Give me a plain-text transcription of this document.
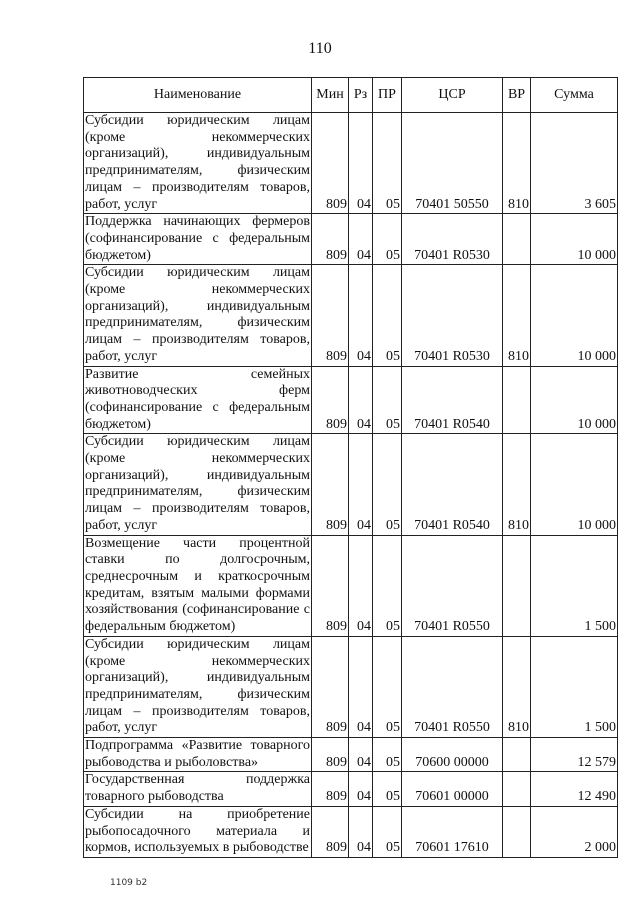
110
Наименование	Мин	Рз	ПР	ЦСР	ВР	Сумма
Субсидии юридическим лицам (кроме некоммерческих организаций), индивидуальным предпринимателям, физическим лицам – производителям товаров, работ, услуг	809	04	05	70401 50550	810	3 605
Поддержка начинающих фермеров (софинансирование с федеральным бюджетом)	809	04	05	70401 R0530		10 000
Субсидии юридическим лицам (кроме некоммерческих организаций), индивидуальным предпринимателям, физическим лицам – производителям товаров, работ, услуг	809	04	05	70401 R0530	810	10 000
Развитие семейных животноводческих ферм (софинансирование с федеральным бюджетом)	809	04	05	70401 R0540		10 000
Субсидии юридическим лицам (кроме некоммерческих организаций), индивидуальным предпринимателям, физическим лицам – производителям товаров, работ, услуг	809	04	05	70401 R0540	810	10 000
Возмещение части процентной ставки по долгосрочным, среднесрочным и краткосрочным кредитам, взятым малыми формами хозяйствования (софинансирование с федеральным бюджетом)	809	04	05	70401 R0550		1 500
Субсидии юридическим лицам (кроме некоммерческих организаций), индивидуальным предпринимателям, физическим лицам – производителям товаров, работ, услуг	809	04	05	70401 R0550	810	1 500
Подпрограмма «Развитие товарного рыбоводства и рыболовства»	809	04	05	70600 00000		12 579
Государственная поддержка товарного рыбоводства	809	04	05	70601 00000		12 490
Субсидии на приобретение рыбопосадочного материала и кормов, используемых в рыбоводстве	809	04	05	70601 17610		2 000
1109 b2
